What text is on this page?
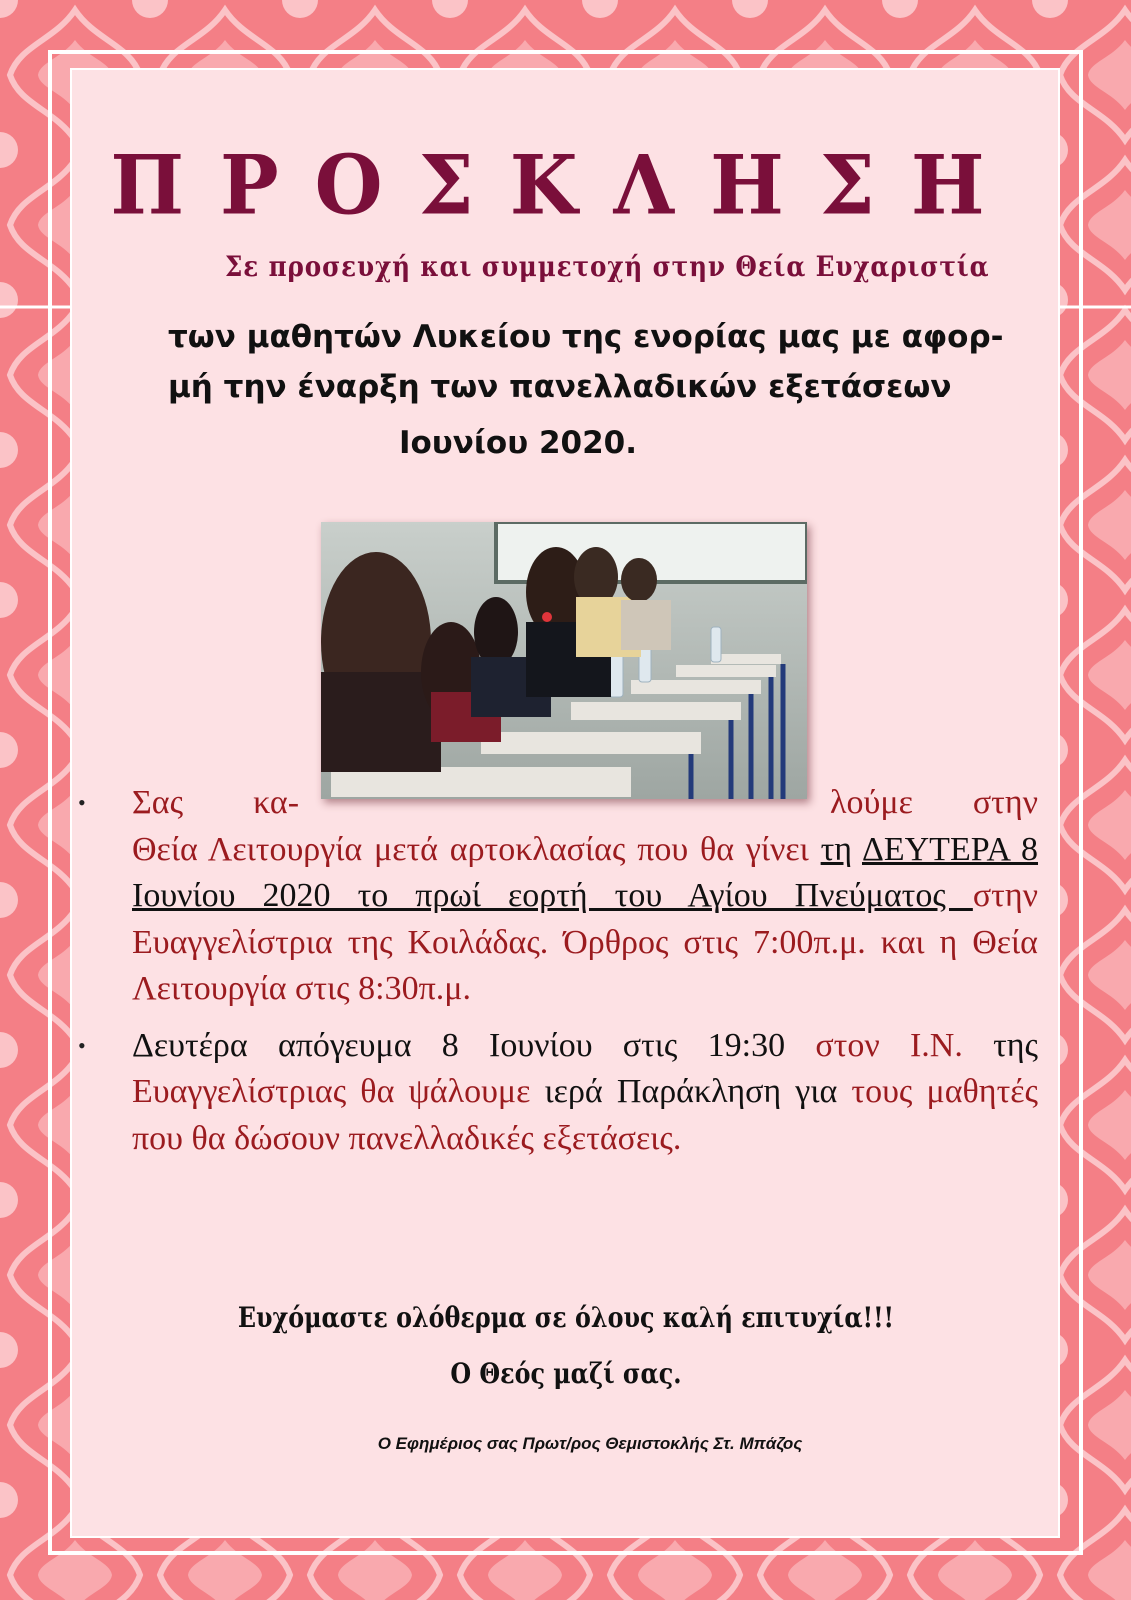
ΠΡΟΣΚΛΗΣΗ
Σε προσευχή και συμμετοχή στην Θεία Ευχαριστία
των μαθητών Λυκείου της ενορίας μας με αφορ-
μή την έναρξη των πανελλαδικών εξετάσεων
Ιουνίου 2020.
• Σας κα-	λούμε στην

Θεία Λειτουργία μετά αρτοκλασίας που θα γίνει τη ΔΕΥΤΕΡΑ 8 Ιουνίου 2020 το πρωί εορτή του Αγίου Πνεύματος στην Ευαγγελίστρια της Κοιλάδας. Όρθρος στις 7:00π.μ. και η Θεία Λειτουργία στις 8:30π.μ.

• Δευτέρα απόγευμα 8 Ιουνίου στις 19:30 στον Ι.Ν. της Ευαγγελίστριας θα ψάλουμε ιερά Παράκληση για τους μαθητές που θα δώσουν πανελλαδικές εξετάσεις.

Ευχόμαστε ολόθερμα σε όλους καλή επιτυχία!!!
Ο Θεός μαζί σας.
Ο Εφημέριος σας Πρωτ/ρος Θεμιστοκλής Στ. Μπάζος
